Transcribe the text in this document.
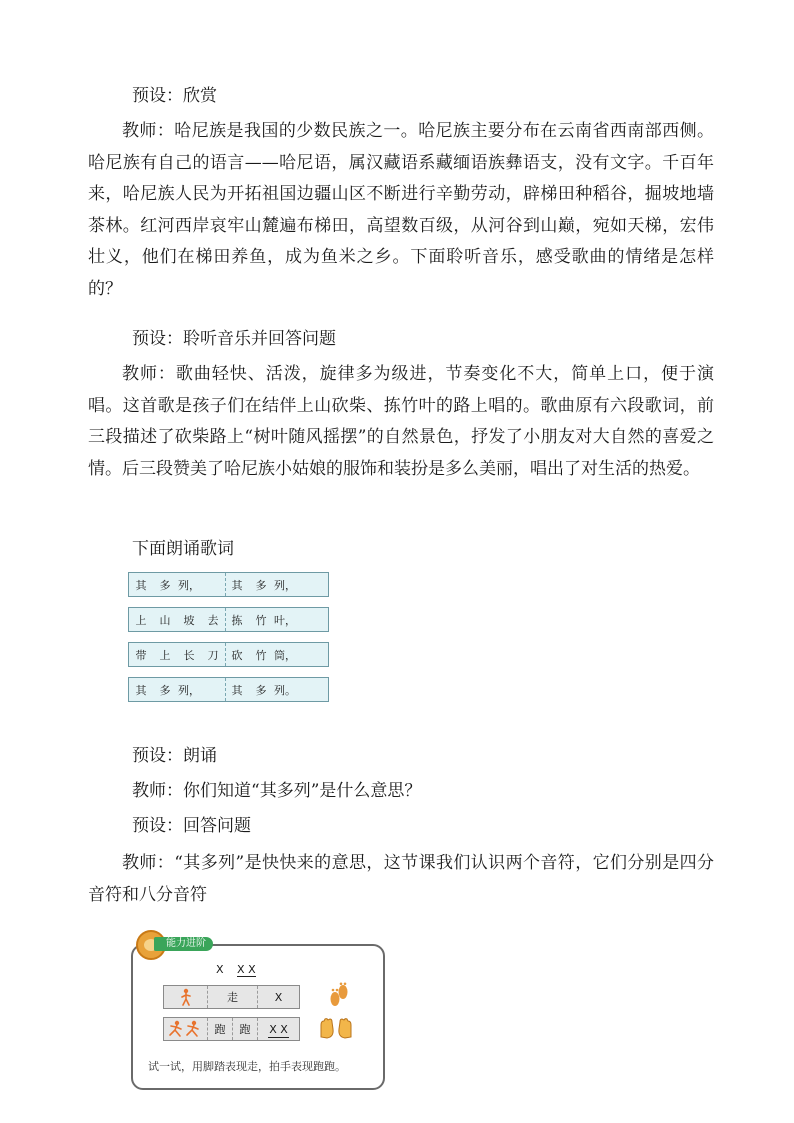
预设：欣赏

教师：哈尼族是我国的少数民族之一。哈尼族主要分布在云南省西南部西侧。哈尼族有自己的语言——哈尼语，属汉藏语系藏缅语族彝语支，没有文字。千百年来，哈尼族人民为开拓祖国边疆山区不断进行辛勤劳动，辟梯田种稻谷，掘坡地墙茶林。红河西岸哀牢山麓遍布梯田，高望数百级，从河谷到山巅，宛如天梯，宏伟壮义，他们在梯田养鱼，成为鱼米之乡。下面聆听音乐，感受歌曲的情绪是怎样的？

预设：聆听音乐并回答问题

教师：歌曲轻快、活泼，旋律多为级进，节奏变化不大，简单上口，便于演唱。这首歌是孩子们在结伴上山砍柴、拣竹叶的路上唱的。歌曲原有六段歌词，前三段描述了砍柴路上“树叶随风摇摆”的自然景色，抒发了小朋友对大自然的喜爱之情。后三段赞美了哈尼族小姑娘的服饰和装扮是多么美丽，唱出了对生活的热爱。

下面朗诵歌词

其	多 列，	其	多 列，
上	山	坡	去	拣	竹 叶，
带	上	长	刀	砍	竹 筒，
其	多 列，	其	多 列。

预设：朗诵

教师：你们知道“其多列”是什么意思？

预设：回答问题

教师：“其多列”是快快来的意思，这节课我们认识两个音符，它们分别是四分音符和八分音符

能力进阶
X X X
走	X
跑 跑 X X
试一试，用脚踏表现走，拍手表现跑跑。
